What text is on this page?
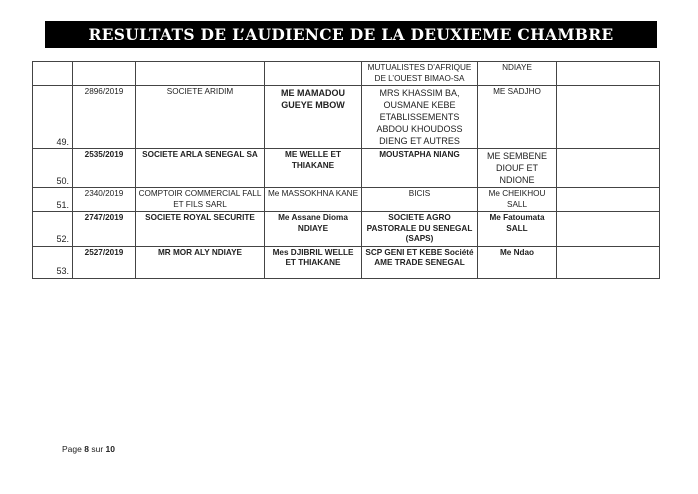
RESULTATS DE L’AUDIENCE DE LA DEUXIEME CHAMBRE
				MUTUALISTES D’AFRIQUE DE L’OUEST BIMAO-SA	NDIAYE	
49.	2896/2019	SOCIETE ARIDIM	ME MAMADOU GUEYE MBOW	MRS KHASSIM BA, OUSMANE KEBE ETABLISSEMENTS ABDOU KHOUDOSS DIENG ET AUTRES	ME SADJHO	
50.	2535/2019	SOCIETE ARLA SENEGAL SA	ME WELLE ET THIAKANE	MOUSTAPHA NIANG	ME SEMBENE DIOUF ET NDIONE	
51.	2340/2019	COMPTOIR COMMERCIAL FALL ET FILS SARL	Me MASSOKHNA KANE	BICIS	Me CHEIKHOU SALL	
52.	2747/2019	SOCIETE ROYAL SECURITE	Me Assane Dioma NDIAYE	SOCIETE AGRO PASTORALE DU SENEGAL (SAPS)	Me Fatoumata SALL	
53.	2527/2019	MR MOR ALY NDIAYE	Mes DJIBRIL WELLE ET THIAKANE	SCP GENI ET KEBE Société AME TRADE SENEGAL	Me Ndao	
Page 8 sur 10
